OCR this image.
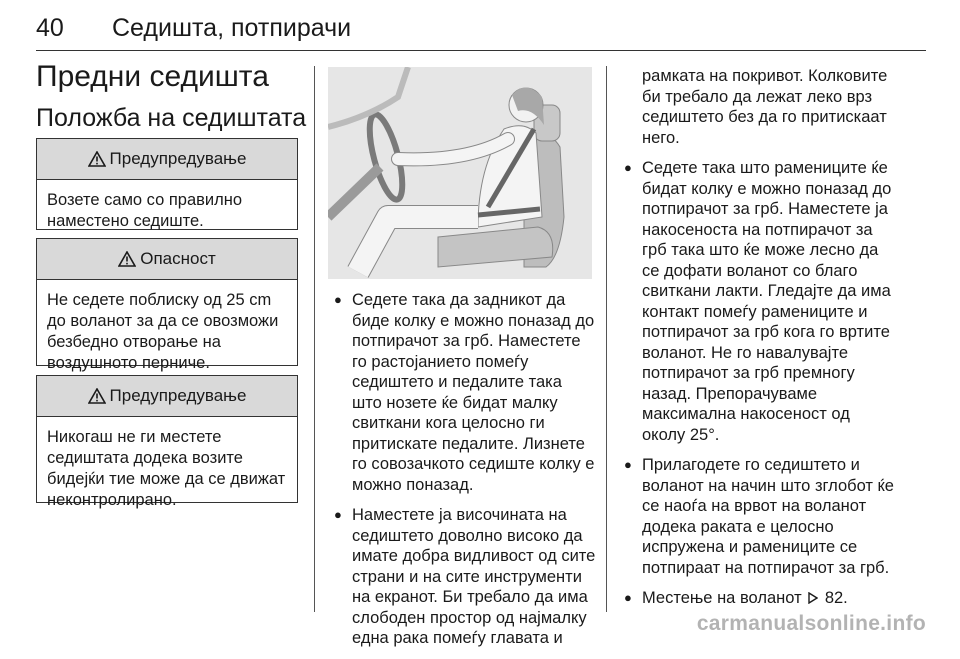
40 Седишта, потпирачи
Предни седишта
Положба на седиштата
Предупредување
Возете само со правилно наместено седиште.
Опасност
Не седете поблиску од 25 cm до воланот за да се овозможи безбедно отворање на воздушното перниче.
Предупредување
Никогаш не ги местете седиштата додека возите бидејќи тие може да се движат неконтролирано.
● Седете така да задникот да биде колку е можно поназад до потпирачот за грб. Наместете го растојанието помеѓу седиштето и педалите така што нозете ќе бидат малку свиткани кога целосно ги притискате педалите. Лизнете го совозачкото седиште колку е можно поназад.
● Наместете ја височината на седиштето доволно високо да имате добра видливост од сите страни и на сите инструменти на екранот. Би требало да има слободен простор од најмалку една рака помеѓу главата и
рамката на покривот. Колковите би требало да лежат леко врз седиштето без да го притискаат него.
● Седете така што рамениците ќе бидат колку е можно поназад до потпирачот за грб. Наместете ја накосеноста на потпирачот за грб така што ќе може лесно да се дофати воланот со благо свиткани лакти. Гледајте да има контакт помеѓу рамениците и потпирачот за грб кога го вртите воланот. Не го навалувајте потпирачот за грб премногу назад. Препорачуваме максимална накосеност од околу 25°.
● Прилагодете го седиштето и воланот на начин што зглобот ќе се наоѓа на врвот на воланот додека раката е целосно испружена и рамениците се потпираат на потпирачот за грб.
● Местење на воланот 82.
carmanualsonline.info
